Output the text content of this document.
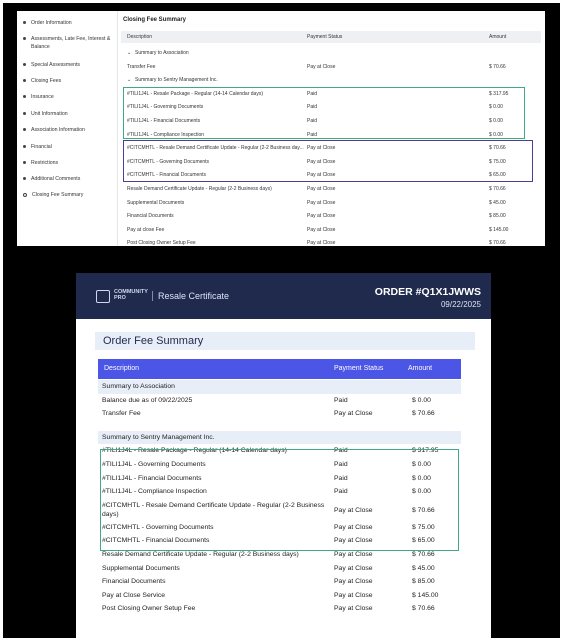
Order Information
Assessments, Late Fee, Interest & Balance
Special Assessments
Closing Fees
Insurance
Unit Information
Association Information
Financial
Restrictions
Additional Comments
Closing Fee Summary
Closing Fee Summary
Description	Payment Status	Amount
⌄ Summary to Association
Transfer Fee	Pay at Close	$ 70.66
⌄ Summary to Sentry Management Inc.
#TILI1J4L - Resale Package - Regular (14-14 Calendar days)	Paid	$ 317.95
#TILI1J4L - Governing Documents	Paid	$ 0.00
#TILI1J4L - Financial Documents	Paid	$ 0.00
#TILI1J4L - Compliance Inspection	Paid	$ 0.00
#CITCMHTL - Resale Demand Certificate Update - Regular (2-2 Business day... Pay at Close	$ 70.66
#CITCMHTL - Governing Documents	Pay at Close	$ 75.00
#CITCMHTL - Financial Documents	Pay at Close	$ 65.00
Resale Demand Certificate Update - Regular (2-2 Business days)	Pay at Close	$ 70.66
Supplemental Documents	Pay at Close	$ 45.00
Financial Documents	Pay at Close	$ 85.00
Pay at close Fee	Pay at Close	$ 145.00
Post Closing Owner Setup Fee	Pay at Close	$ 70.66
COMMUNITY
PRO	Resale Certificate	ORDER #Q1X1JWWS
09/22/2025
Order Fee Summary
Description	Payment Status	Amount
Summary to Association
Balance due as of 09/22/2025	Paid	$ 0.00
Transfer Fee	Pay at Close	$ 70.66
Summary to Sentry Management Inc.
#TILI1J4L - Resale Package - Regular (14-14 Calendar days)	Paid	$ 317.95
#TILI1J4L - Governing Documents	Paid	$ 0.00
#TILI1J4L - Financial Documents	Paid	$ 0.00
#TILI1J4L - Compliance Inspection	Paid	$ 0.00
#CITCMHTL - Resale Demand Certificate Update - Regular (2-2 Business
days)
Pay at Close	$ 70.66
#CITCMHTL - Governing Documents	Pay at Close	$ 75.00
#CITCMHTL - Financial Documents	Pay at Close	$ 65.00
Resale Demand Certificate Update - Regular (2-2 Business days)	Pay at Close	$ 70.66
Supplemental Documents	Pay at Close	$ 45.00
Financial Documents	Pay at Close	$ 85.00
Pay at Close Service	Pay at Close	$ 145.00
Post Closing Owner Setup Fee	Pay at Close	$ 70.66
